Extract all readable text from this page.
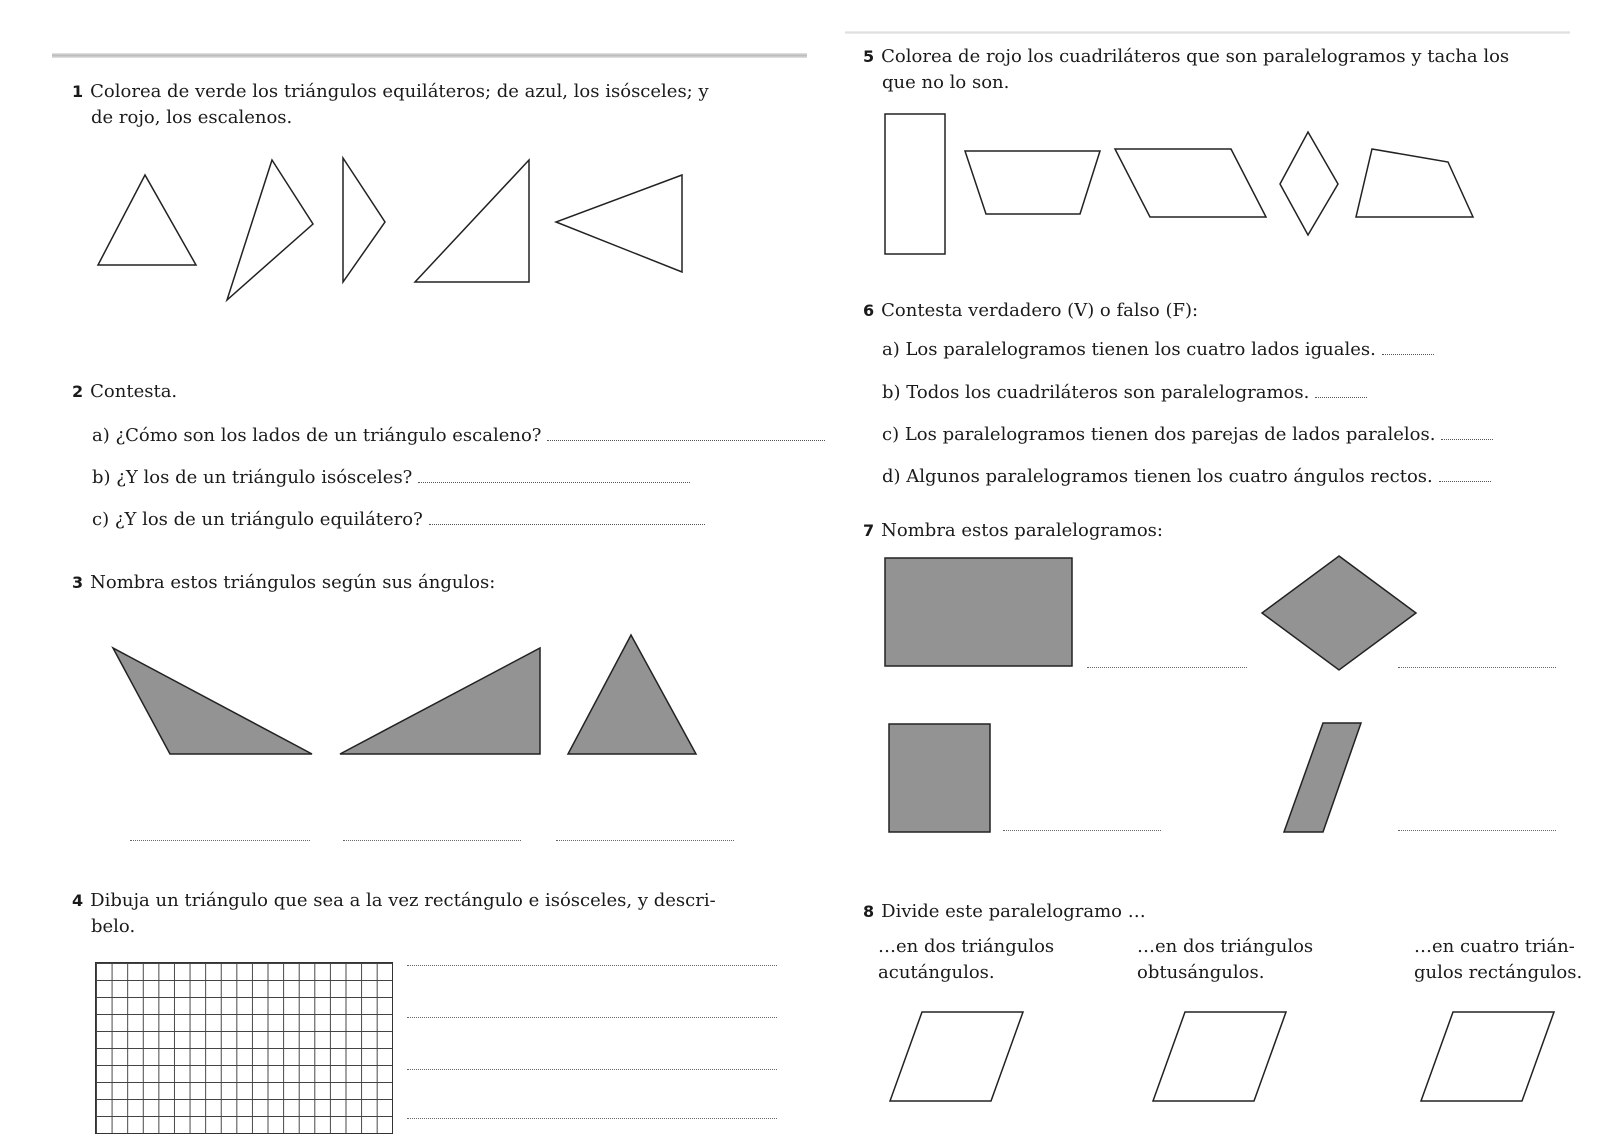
1 Colorea de verde los triángulos equiláteros; de azul, los isósceles; y
de rojo, los escalenos.
2 Contesta.
a) ¿Cómo son los lados de un triángulo escaleno?
b) ¿Y los de un triángulo isósceles?
c) ¿Y los de un triángulo equilátero?
3 Nombra estos triángulos según sus ángulos:
4 Dibuja un triángulo que sea a la vez rectángulo e isósceles, y descri-
belo.
5 Colorea de rojo los cuadriláteros que son paralelogramos y tacha los
que no lo son.
6 Contesta verdadero (V) o falso (F):
a) Los paralelogramos tienen los cuatro lados iguales.
b) Todos los cuadriláteros son paralelogramos.
c) Los paralelogramos tienen dos parejas de lados paralelos.
d) Algunos paralelogramos tienen los cuatro ángulos rectos.
7 Nombra estos paralelogramos:
8 Divide este paralelogramo …
…en dos triángulos
acutángulos.
…en dos triángulos
obtusángulos.
…en cuatro trián-
gulos rectángulos.
